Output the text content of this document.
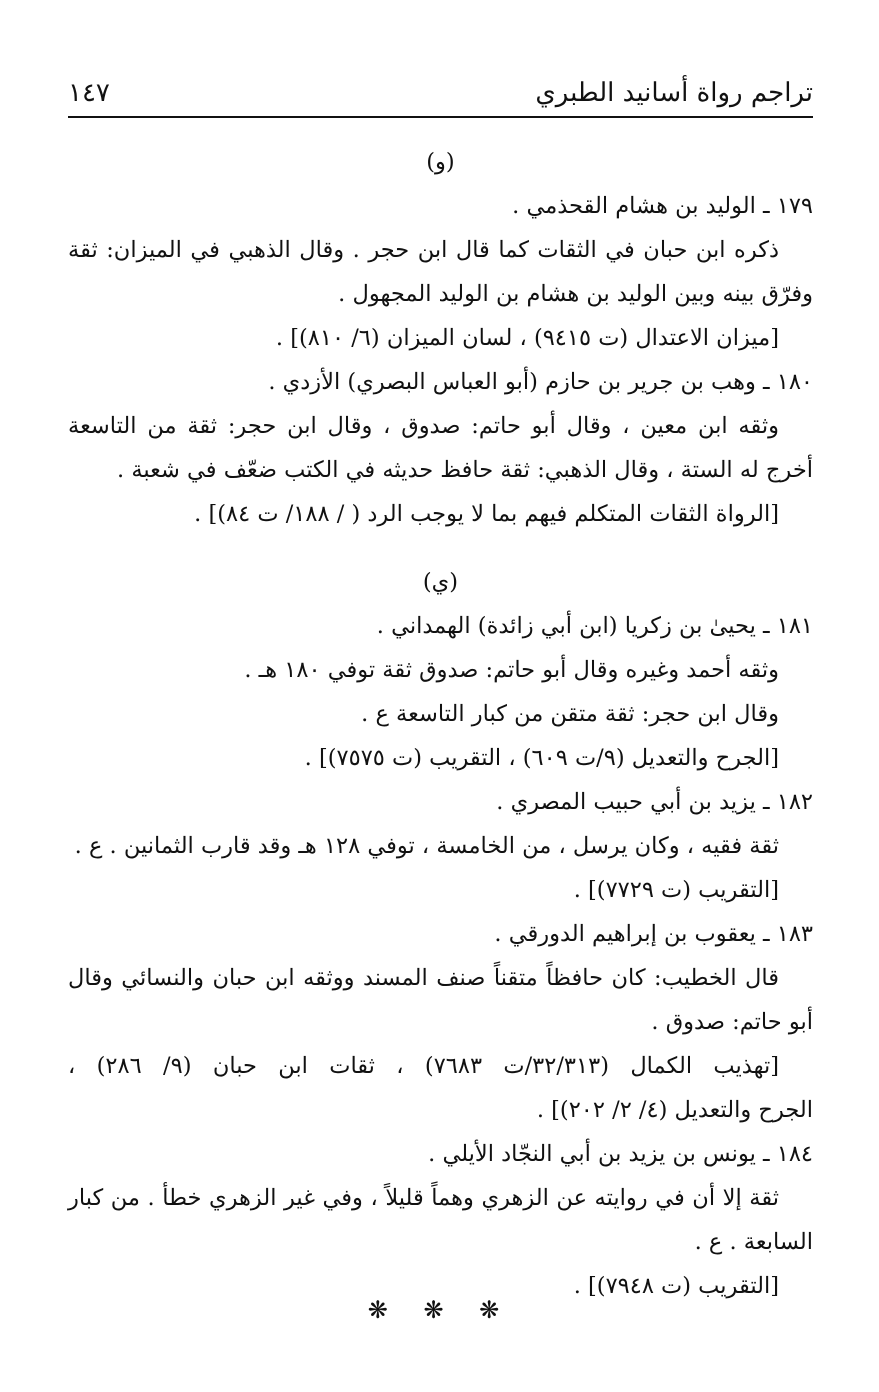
تراجم رواة أسانيد الطبري
١٤٧
(و)
١٧٩ ـ الوليد بن هشام القحذمي .
ذكره ابن حبان في الثقات كما قال ابن حجر . وقال الذهبي في الميزان: ثقة
وفرّق بينه وبين الوليد بن هشام بن الوليد المجهول .
[ميزان الاعتدال (ت ٩٤١٥) ، لسان الميزان (٦/ ٨١٠)] .
١٨٠ ـ وهب بن جرير بن حازم (أبو العباس البصري) الأزدي .
وثقه ابن معين ، وقال أبو حاتم: صدوق ، وقال ابن حجر: ثقة من التاسعة
أخرج له الستة ، وقال الذهبي: ثقة حافظ حديثه في الكتب ضعّف في شعبة .
[الرواة الثقات المتكلم فيهم بما لا يوجب الرد ( / ١٨٨/ ت ٨٤)] .
(ي)
١٨١ ـ يحيىٰ بن زكريا (ابن أبي زائدة) الهمداني .
وثقه أحمد وغيره وقال أبو حاتم: صدوق ثقة توفي ١٨٠ هـ .
وقال ابن حجر: ثقة متقن من كبار التاسعة ع .
[الجرح والتعديل (٩/ت ٦٠٩) ، التقريب (ت ٧٥٧٥)] .
١٨٢ ـ يزيد بن أبي حبيب المصري .
ثقة فقيه ، وكان يرسل ، من الخامسة ، توفي ١٢٨ هـ وقد قارب الثمانين . ع .
[التقريب (ت ٧٧٢٩)] .
١٨٣ ـ يعقوب بن إبراهيم الدورقي .
قال الخطيب: كان حافظاً متقناً صنف المسند ووثقه ابن حبان والنسائي وقال
أبو حاتم: صدوق .
[تهذيب الكمال (٣٢/٣١٣/ت ٧٦٨٣) ، ثقات ابن حبان (٩/ ٢٨٦) ،
الجرح والتعديل (٤/ ٢/ ٢٠٢)] .
١٨٤ ـ يونس بن يزيد بن أبي النجّاد الأيلي .
ثقة إلا أن في روايته عن الزهري وهماً قليلاً ، وفي غير الزهري خطأ . من كبار
السابعة . ع .
[التقريب (ت ٧٩٤٨)] .
❋ ❋ ❋
